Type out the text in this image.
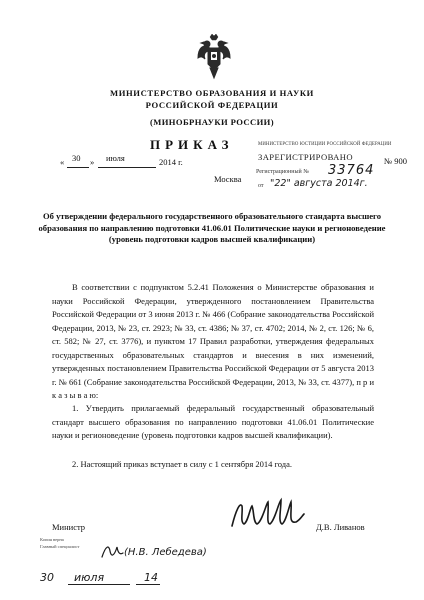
МИНИСТЕРСТВО ОБРАЗОВАНИЯ И НАУКИ
РОССИЙСКОЙ ФЕДЕРАЦИИ
(МИНОБРНАУКИ РОССИИ)
ПРИКАЗ
« 30 » июля	2014 г.
Москва
МИНИСТЕРСТВО ЮСТИЦИИ РОССИЙСКОЙ ФЕДЕРАЦИИ
ЗАРЕГИСТРИРОВАНО
Регистрационный № 33764
от "22" августа 2014г.
№ 900
Об утверждении федерального государственного образовательного стандарта высшего образования по направлению подготовки 41.06.01 Политические науки и регионоведение (уровень подготовки кадров высшей квалификации)
В соответствии с подпунктом 5.2.41 Положения о Министерстве образования и науки Российской Федерации, утвержденного постановлением Правительства Российской Федерации от 3 июня 2013 г. № 466 (Собрание законодательства Российской Федерации, 2013, № 23, ст. 2923; № 33, ст. 4386; № 37, ст. 4702; 2014, № 2, ст. 126; № 6, ст. 582; № 27, ст. 3776), и пунктом 17 Правил разработки, утверждения федеральных государственных образовательных стандартов и внесения в них изменений, утвержденных постановлением Правительства Российской Федерации от 5 августа 2013 г. № 661 (Собрание законодательства Российской Федерации, 2013, № 33, ст. 4377), п р и к а з ы в а ю:
1. Утвердить прилагаемый федеральный государственный образовательный стандарт высшего образования по направлению подготовки 41.06.01 Политические науки и регионоведение (уровень подготовки кадров высшей квалификации).
2. Настоящий приказ вступает в силу с 1 сентября 2014 года.
Министр	Д.В. Ливанов
Копия верна
Главный специалист
(Н.В. Лебедева)
30 июля	14
